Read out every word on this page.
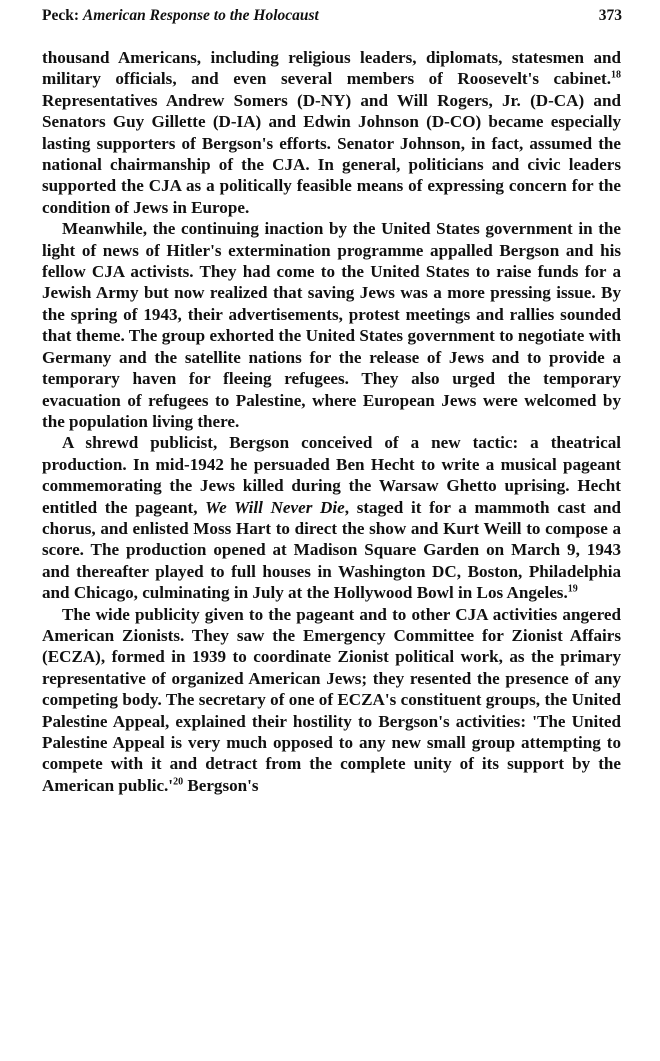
Peck: American Response to the Holocaust	373

thousand Americans, including religious leaders, diplomats, statesmen and military officials, and even several members of Roosevelt's cabinet.$^{18}$ Representatives Andrew Somers (D-NY) and Will Rogers, Jr. (D-CA) and Senators Guy Gillette (D-IA) and Edwin Johnson (D-CO) became especially lasting supporters of Bergson's efforts. Senator Johnson, in fact, assumed the national chairmanship of the CJA. In general, politicians and civic leaders supported the CJA as a politically feasible means of expressing concern for the condition of Jews in Europe.

Meanwhile, the continuing inaction by the United States government in the light of news of Hitler's extermination programme appalled Bergson and his fellow CJA activists. They had come to the United States to raise funds for a Jewish Army but now realized that saving Jews was a more pressing issue. By the spring of 1943, their advertisements, protest meetings and rallies sounded that theme. The group exhorted the United States government to negotiate with Germany and the satellite nations for the release of Jews and to provide a temporary haven for fleeing refugees. They also urged the temporary evacuation of refugees to Palestine, where European Jews were welcomed by the population living there.

A shrewd publicist, Bergson conceived of a new tactic: a theatrical production. In mid-1942 he persuaded Ben Hecht to write a musical pageant commemorating the Jews killed during the Warsaw Ghetto uprising. Hecht entitled the pageant, We Will Never Die, staged it for a mammoth cast and chorus, and enlisted Moss Hart to direct the show and Kurt Weill to compose a score. The production opened at Madison Square Garden on March 9, 1943 and thereafter played to full houses in Washington DC, Boston, Philadelphia and Chicago, culminating in July at the Hollywood Bowl in Los Angeles.$^{19}$

The wide publicity given to the pageant and to other CJA activities angered American Zionists. They saw the Emergency Committee for Zionist Affairs (ECZA), formed in 1939 to coordinate Zionist political work, as the primary representative of organized American Jews; they resented the presence of any competing body. The secretary of one of ECZA's constituent groups, the United Palestine Appeal, explained their hostility to Bergson's activities: 'The United Palestine Appeal is very much opposed to any new small group attempting to compete with it and detract from the complete unity of its support by the American $public.'^{20}$ Bergson's
